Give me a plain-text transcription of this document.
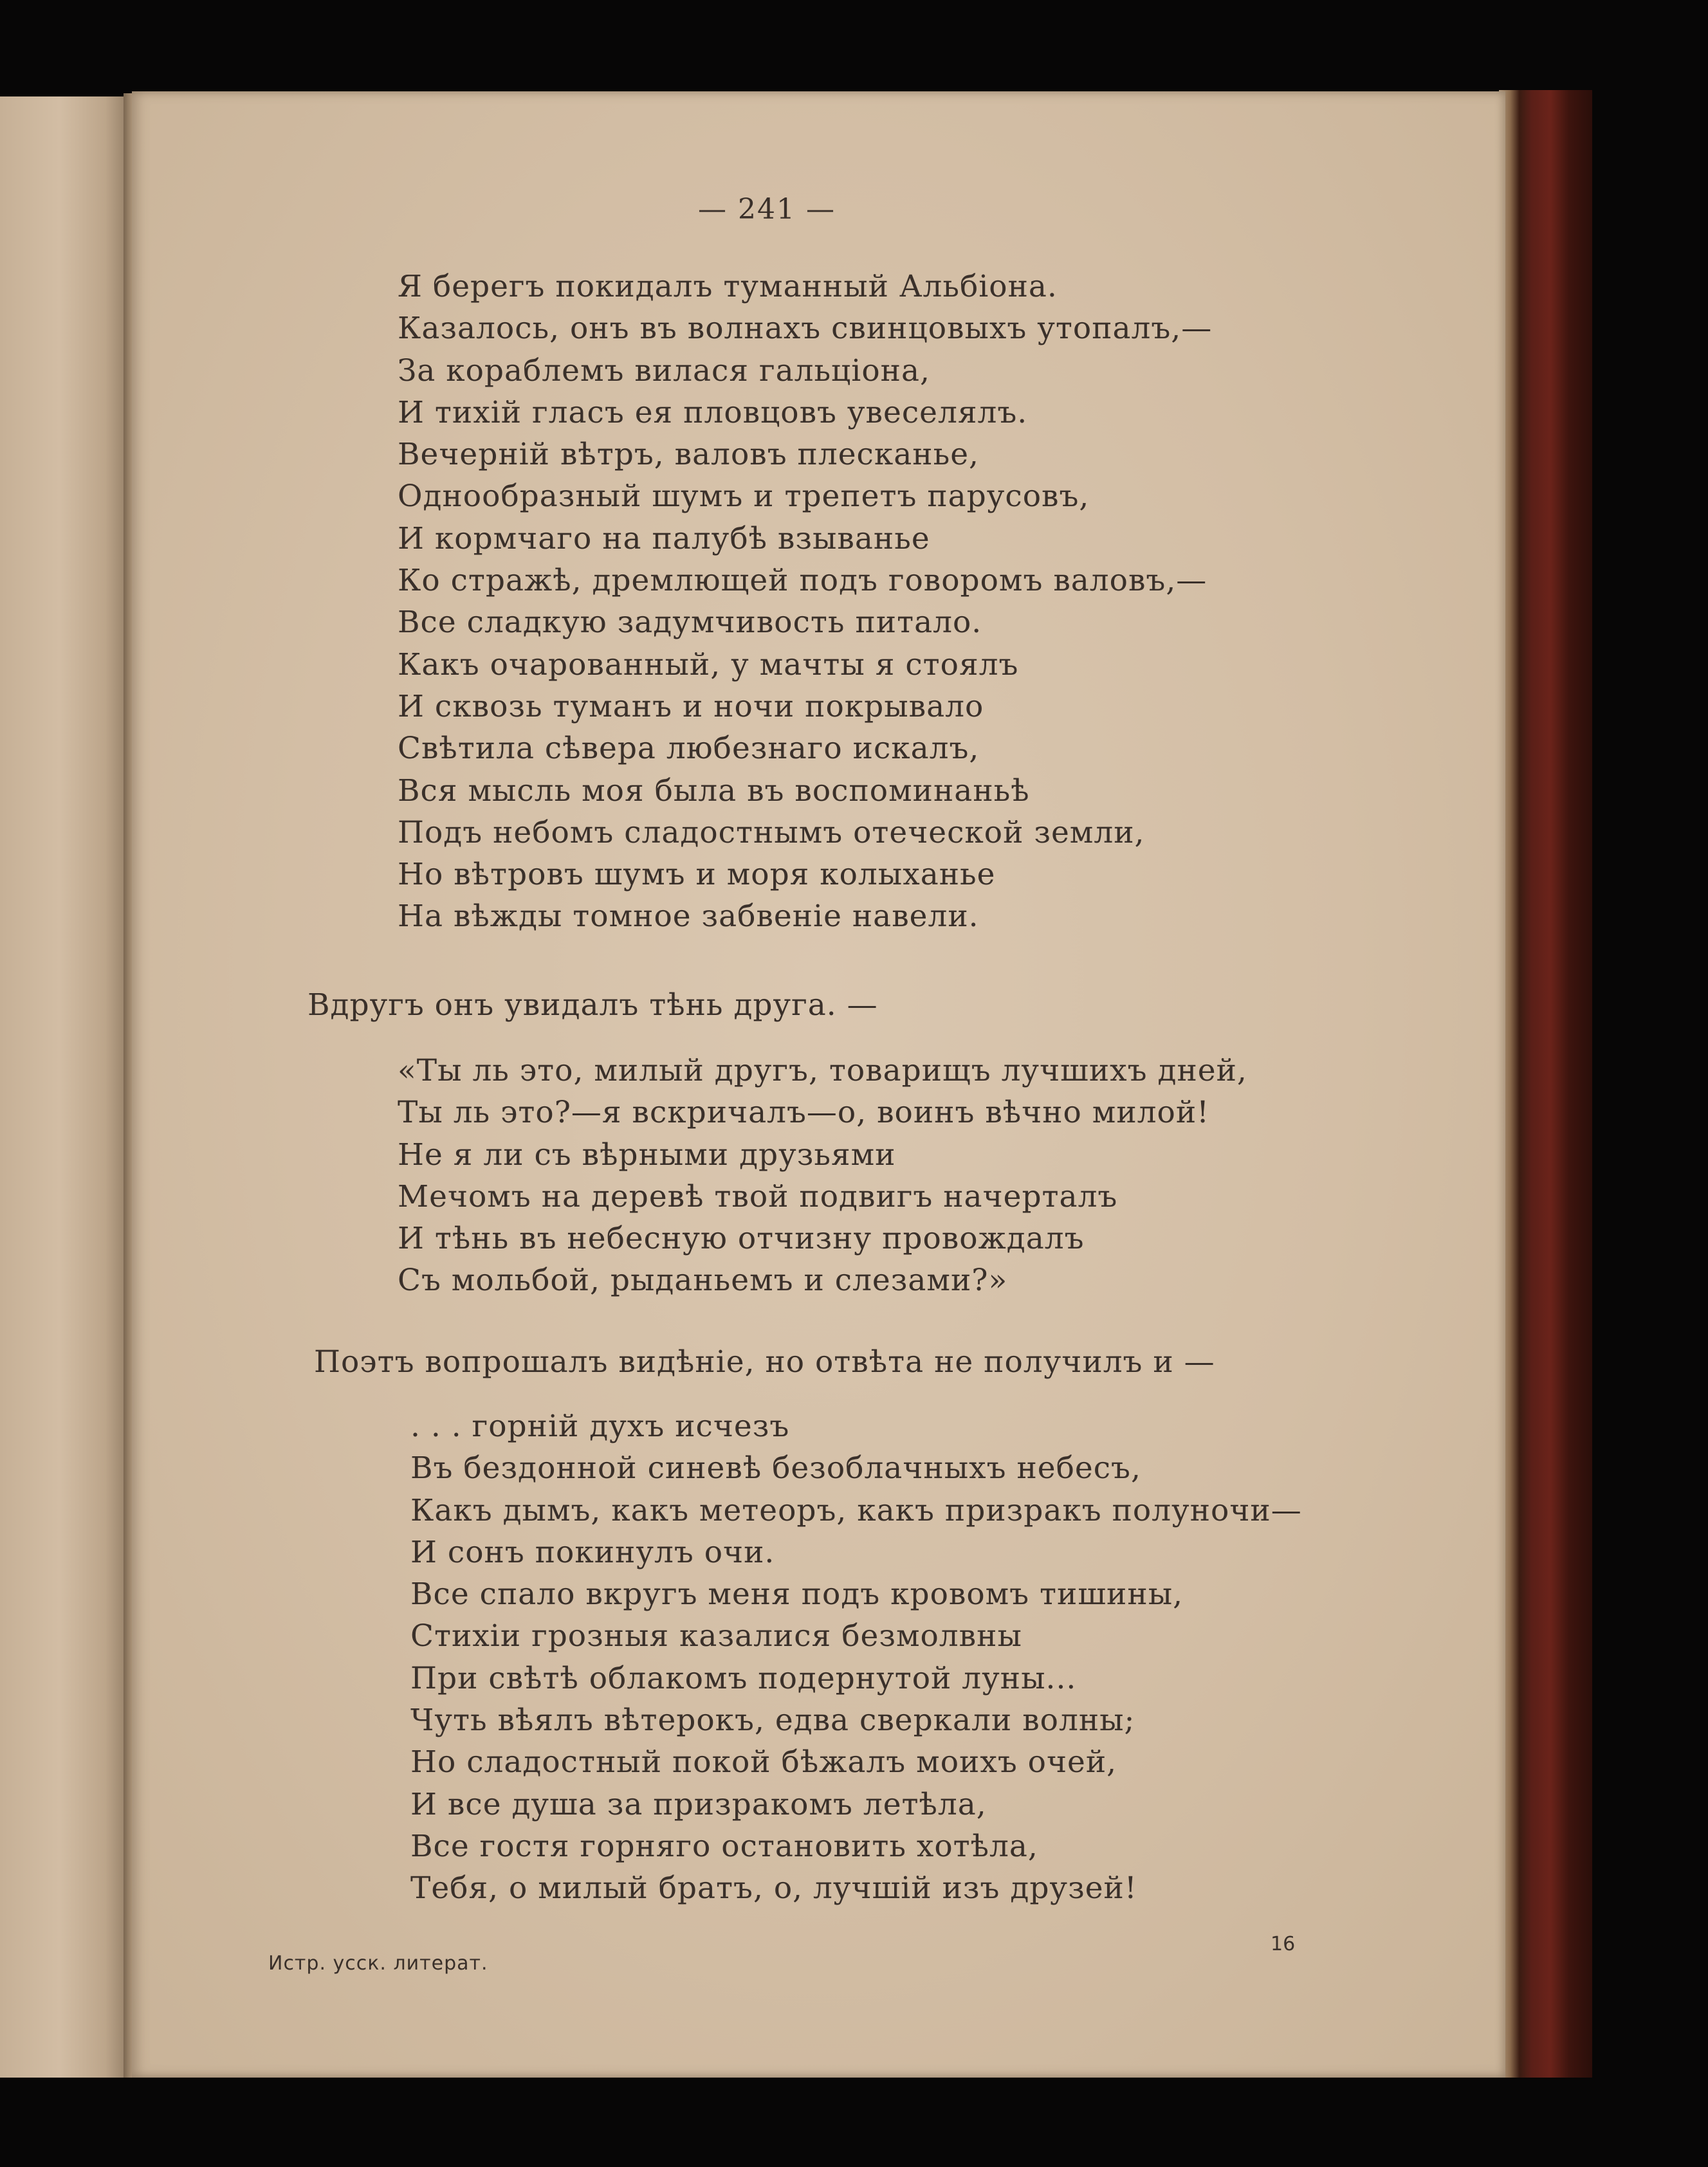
— 241 —
Я берегъ покидалъ туманный Альбіона.
Казалось, онъ въ волнахъ свинцовыхъ утопалъ,—
За кораблемъ вилася гальціона,
И тихій гласъ ея пловцовъ увеселялъ.
Вечерній вѣтръ, валовъ плесканье,
Однообразный шумъ и трепетъ парусовъ,
И кормчаго на палубѣ взыванье
Ко стражѣ, дремлющей подъ говоромъ валовъ,—
Все сладкую задумчивость питало.
Какъ очарованный, у мачты я стоялъ
И сквозь туманъ и ночи покрывало
Свѣтила сѣвера любезнаго искалъ,
Вся мысль моя была въ воспоминаньѣ
Подъ небомъ сладостнымъ отеческой земли,
Но вѣтровъ шумъ и моря колыханье
На вѣжды томное забвеніе навели.
Вдругъ онъ увидалъ тѣнь друга. —
«Ты ль это, милый другъ, товарищъ лучшихъ дней,
Ты ль это?—я вскричалъ—о, воинъ вѣчно милой!
Не я ли съ вѣрными друзьями
Мечомъ на деревѣ твой подвигъ начерталъ
И тѣнь въ небесную отчизну провождалъ
Съ мольбой, рыданьемъ и слезами?»
Поэтъ вопрошалъ видѣніе, но отвѣта не получилъ и —
. . . горній духъ исчезъ
Въ бездонной синевѣ безоблачныхъ небесъ,
Какъ дымъ, какъ метеоръ, какъ призракъ полуночи—
И сонъ покинулъ очи.
Все спало вкругъ меня подъ кровомъ тишины,
Стихіи грозныя казалися безмолвны
При свѣтѣ облакомъ подернутой луны...
Чуть вѣялъ вѣтерокъ, едва сверкали волны;
Но сладостный покой бѣжалъ моихъ очей,
И все душа за призракомъ летѣла,
Все гостя горняго остановить хотѣла,
Тебя, о милый братъ, о, лучшій изъ друзей!
Истр. усск. литерат.
16
